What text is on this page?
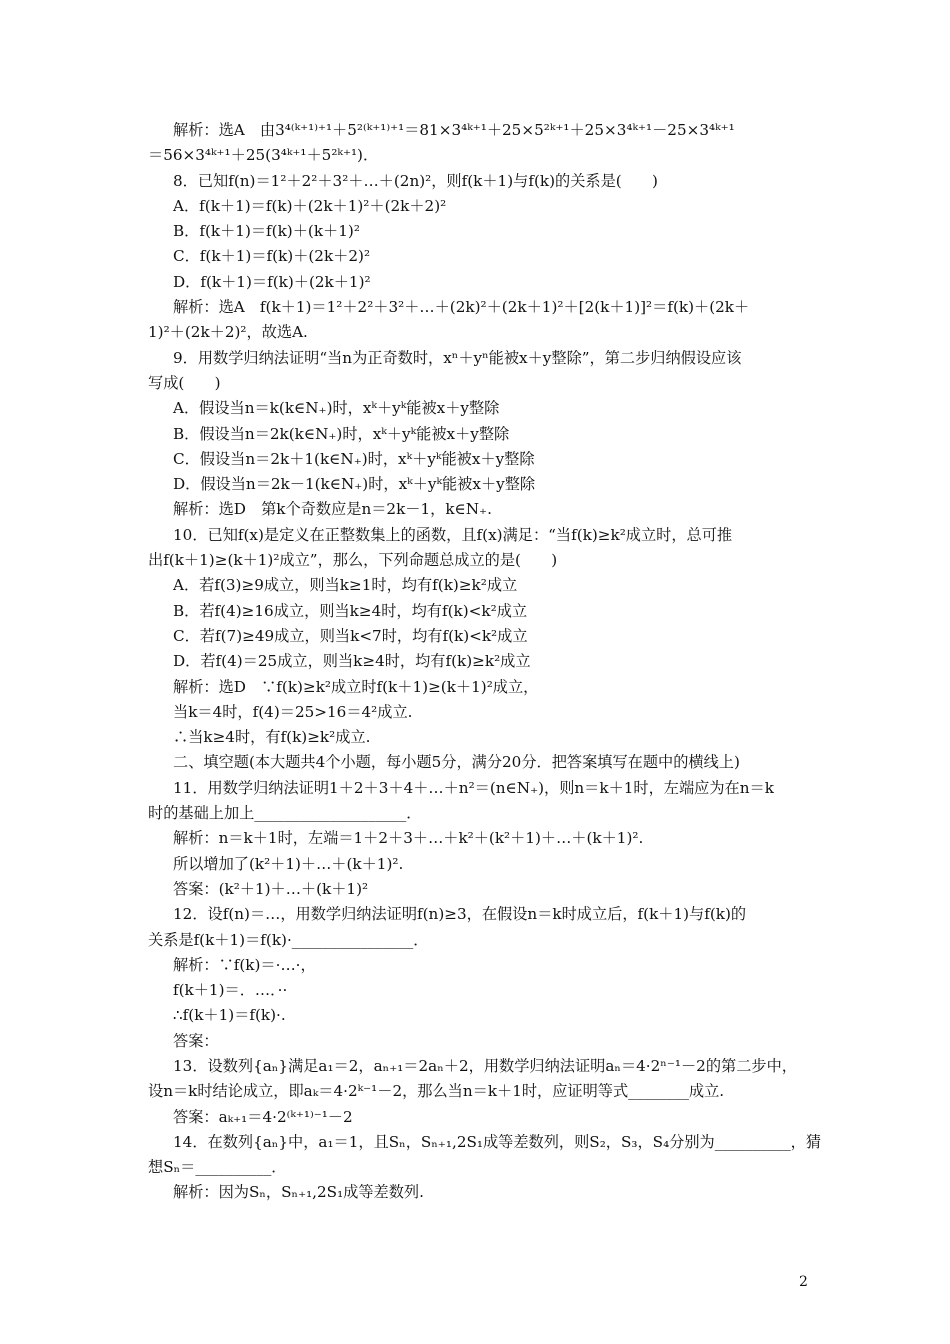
解析：选A　由3⁴⁽ᵏ⁺¹⁾⁺¹＋5²⁽ᵏ⁺¹⁾⁺¹＝81×3⁴ᵏ⁺¹＋25×5²ᵏ⁺¹＋25×3⁴ᵏ⁺¹－25×3⁴ᵏ⁺¹
＝56×3⁴ᵏ⁺¹＋25(3⁴ᵏ⁺¹＋5²ᵏ⁺¹)．
8．已知f(n)＝1²＋2²＋3²＋…＋(2n)²，则f(k＋1)与f(k)的关系是(　　)
A．f(k＋1)＝f(k)＋(2k＋1)²＋(2k＋2)²
B．f(k＋1)＝f(k)＋(k＋1)²
C．f(k＋1)＝f(k)＋(2k＋2)²
D．f(k＋1)＝f(k)＋(2k＋1)²
解析：选A　f(k＋1)＝1²＋2²＋3²＋…＋(2k)²＋(2k＋1)²＋[2(k＋1)]²＝f(k)＋(2k＋
1)²＋(2k＋2)²，故选A.
9．用数学归纳法证明“当n为正奇数时，xⁿ＋yⁿ能被x＋y整除”，第二步归纳假设应该
写成(　　)
A．假设当n＝k(k∈N₊)时，xᵏ＋yᵏ能被x＋y整除
B．假设当n＝2k(k∈N₊)时，xᵏ＋yᵏ能被x＋y整除
C．假设当n＝2k＋1(k∈N₊)时，xᵏ＋yᵏ能被x＋y整除
D．假设当n＝2k－1(k∈N₊)时，xᵏ＋yᵏ能被x＋y整除
解析：选D　第k个奇数应是n＝2k－1，k∈N₊.
10．已知f(x)是定义在正整数集上的函数，且f(x)满足：“当f(k)≥k²成立时，总可推
出f(k＋1)≥(k＋1)²成立”，那么，下列命题总成立的是(　　)
A．若f(3)≥9成立，则当k≥1时，均有f(k)≥k²成立
B．若f(4)≥16成立，则当k≥4时，均有f(k)<k²成立
C．若f(7)≥49成立，则当k<7时，均有f(k)<k²成立
D．若f(4)＝25成立，则当k≥4时，均有f(k)≥k²成立
解析：选D　∵f(k)≥k²成立时f(k＋1)≥(k＋1)²成立，
当k＝4时，f(4)＝25>16＝4²成立.
∴当k≥4时，有f(k)≥k²成立.
二、填空题(本大题共4个小题，每小题5分，满分20分．把答案填写在题中的横线上)
11．用数学归纳法证明1＋2＋3＋4＋…＋n²＝(n∈N₊)，则n＝k＋1时，左端应为在n＝k
时的基础上加上____________________．
解析：n＝k＋1时，左端＝1＋2＋3＋…＋k²＋(k²＋1)＋…＋(k＋1)².
所以增加了(k²＋1)＋…＋(k＋1)².
答案：(k²＋1)＋…＋(k＋1)²
12．设f(n)＝…，用数学归纳法证明f(n)≥3，在假设n＝k时成立后，f(k＋1)与f(k)的
关系是f(k＋1)＝f(k)·________________．
解析：∵f(k)＝·…·，
f(k＋1)＝．…．··
∴f(k＋1)＝f(k)·.
答案：
13．设数列{aₙ}满足a₁＝2，aₙ₊₁＝2aₙ＋2，用数学归纳法证明aₙ＝4·2ⁿ⁻¹－2的第二步中，
设n＝k时结论成立，即aₖ＝4·2ᵏ⁻¹－2，那么当n＝k＋1时，应证明等式________成立.
答案：aₖ₊₁＝4·2⁽ᵏ⁺¹⁾⁻¹－2
14．在数列{aₙ}中，a₁＝1，且Sₙ，Sₙ₊₁,2S₁成等差数列，则S₂，S₃，S₄分别为__________，猜
想Sₙ＝__________．
解析：因为Sₙ，Sₙ₊₁,2S₁成等差数列.
2
